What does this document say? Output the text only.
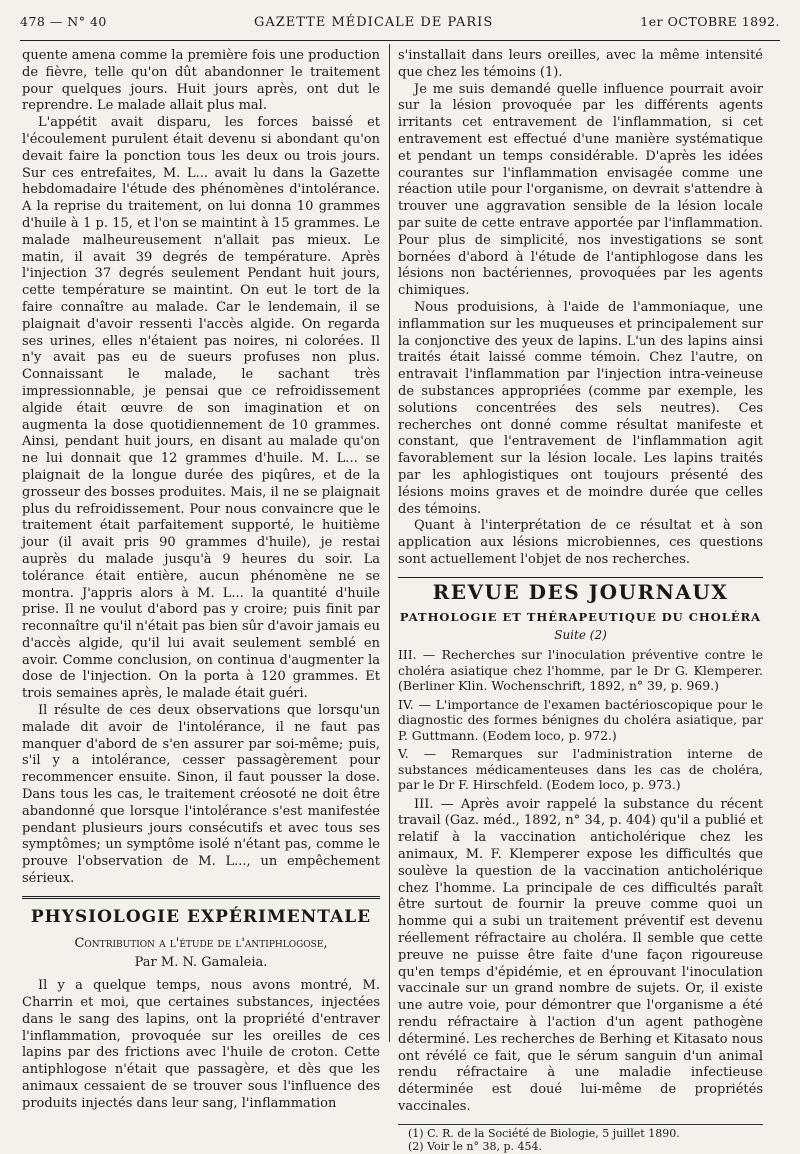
478 — N° 40	GAZETTE MÉDICALE DE PARIS	1er OCTOBRE 1892.

quente amena comme la première fois une production de fièvre, telle qu'on dût abandonner le traitement pour quelques jours. Huit jours après, ont dut le reprendre. Le malade allait plus mal.

L'appétit avait disparu, les forces baissé et l'écoulement purulent était devenu si abondant qu'on devait faire la ponction tous les deux ou trois jours. Sur ces entrefaites, M. L... avait lu dans la Gazette hebdomadaire l'étude des phénomènes d'intolérance. A la reprise du traitement, on lui donna 10 grammes d'huile à 1 p. 15, et l'on se maintint à 15 grammes. Le malade malheureusement n'allait pas mieux. Le matin, il avait 39 degrés de température. Après l'injection 37 degrés seulement Pendant huit jours, cette température se maintint. On eut le tort de la faire connaître au malade. Car le lendemain, il se plaignait d'avoir ressenti l'accès algide. On regarda ses urines, elles n'étaient pas noires, ni colorées. Il n'y avait pas eu de sueurs profuses non plus. Connaissant le malade, le sachant très impressionnable, je pensai que ce refroidissement algide était œuvre de son imagination et on augmenta la dose quotidiennement de 10 grammes. Ainsi, pendant huit jours, en disant au malade qu'on ne lui donnait que 12 grammes d'huile. M. L... se plaignait de la longue durée des piqûres, et de la grosseur des bosses produites. Mais, il ne se plaignait plus du refroidissement. Pour nous convaincre que le traitement était parfaitement supporté, le huitième jour (il avait pris 90 grammes d'huile), je restai auprès du malade jusqu'à 9 heures du soir. La tolérance était entière, aucun phénomène ne se montra. J'appris alors à M. L... la quantité d'huile prise. Il ne voulut d'abord pas y croire; puis finit par reconnaître qu'il n'était pas bien sûr d'avoir jamais eu d'accès algide, qu'il lui avait seulement semblé en avoir. Comme conclusion, on continua d'augmenter la dose de l'injection. On la porta à 120 grammes. Et trois semaines après, le malade était guéri.

Il résulte de ces deux observations que lorsqu'un malade dit avoir de l'intolérance, il ne faut pas manquer d'abord de s'en assurer par soi-même; puis, s'il y a intolérance, cesser passagèrement pour recommencer ensuite. Sinon, il faut pousser la dose. Dans tous les cas, le traitement créosoté ne doit être abandonné que lorsque l'intolérance s'est manifestée pendant plusieurs jours consécutifs et avec tous ses symptômes; un symptôme isolé n'étant pas, comme le prouve l'observation de M. L..., un empêchement sérieux.

PHYSIOLOGIE EXPÉRIMENTALE
Contribution a l'étude de l'antiphlogose,
Par M. N. Gamaleia.

Il y a quelque temps, nous avons montré, M. Charrin et moi, que certaines substances, injectées dans le sang des lapins, ont la propriété d'entraver l'inflammation, provoquée sur les oreilles de ces lapins par des frictions avec l'huile de croton. Cette antiphlogose n'était que passagère, et dès que les animaux cessaient de se trouver sous l'influence des produits injectés dans leur sang, l'inflammation

s'installait dans leurs oreilles, avec la même intensité que chez les témoins (1).

Je me suis demandé quelle influence pourrait avoir sur la lésion provoquée par les différents agents irritants cet entravement de l'inflammation, si cet entravement est effectué d'une manière systématique et pendant un temps considérable. D'après les idées courantes sur l'inflammation envisagée comme une réaction utile pour l'organisme, on devrait s'attendre à trouver une aggravation sensible de la lésion locale par suite de cette entrave apportée par l'inflammation. Pour plus de simplicité, nos investigations se sont bornées d'abord à l'étude de l'antiphlogose dans les lésions non bactériennes, provoquées par les agents chimiques.

Nous produisions, à l'aide de l'ammoniaque, une inflammation sur les muqueuses et principalement sur la conjonctive des yeux de lapins. L'un des lapins ainsi traités était laissé comme témoin. Chez l'autre, on entravait l'inflammation par l'injection intra-veineuse de substances appropriées (comme par exemple, les solutions concentrées des sels neutres). Ces recherches ont donné comme résultat manifeste et constant, que l'entravement de l'inflammation agit favorablement sur la lésion locale. Les lapins traités par les aphlogistiques ont toujours présenté des lésions moins graves et de moindre durée que celles des témoins.

Quant à l'interprétation de ce résultat et à son application aux lésions microbiennes, ces questions sont actuellement l'objet de nos recherches.

REVUE DES JOURNAUX
PATHOLOGIE ET THÉRAPEUTIQUE DU CHOLÉRA
Suite (2)

III. — Recherches sur l'inoculation préventive contre le choléra asiatique chez l'homme, par le Dr G. Klemperer. (Berliner Klin. Wochenschrift, 1892, n° 39, p. 969.)

IV. — L'importance de l'examen bactérioscopique pour le diagnostic des formes bénignes du choléra asiatique, par P. Guttmann. (Eodem loco, p. 972.)

V. — Remarques sur l'administration interne de substances médicamenteuses dans les cas de choléra, par le Dr F. Hirschfeld. (Eodem loco, p. 973.)

III. — Après avoir rappelé la substance du récent travail (Gaz. méd., 1892, n° 34, p. 404) qu'il a publié et relatif à la vaccination anticholérique chez les animaux, M. F. Klemperer expose les difficultés que soulève la question de la vaccination anticholérique chez l'homme. La principale de ces difficultés paraît être surtout de fournir la preuve comme quoi un homme qui a subi un traitement préventif est devenu réellement réfractaire au choléra. Il semble que cette preuve ne puisse être faite d'une façon rigoureuse qu'en temps d'épidémie, et en éprouvant l'inoculation vaccinale sur un grand nombre de sujets. Or, il existe une autre voie, pour démontrer que l'organisme a été rendu réfractaire à l'action d'un agent pathogène déterminé. Les recherches de Berhing et Kitasato nous ont révélé ce fait, que le sérum sanguin d'un animal rendu réfractaire à une maladie infectieuse déterminée est doué lui-même de propriétés vaccinales.

(1) C. R. de la Société de Biologie, 5 juillet 1890.
(2) Voir le n° 38, p. 454.
